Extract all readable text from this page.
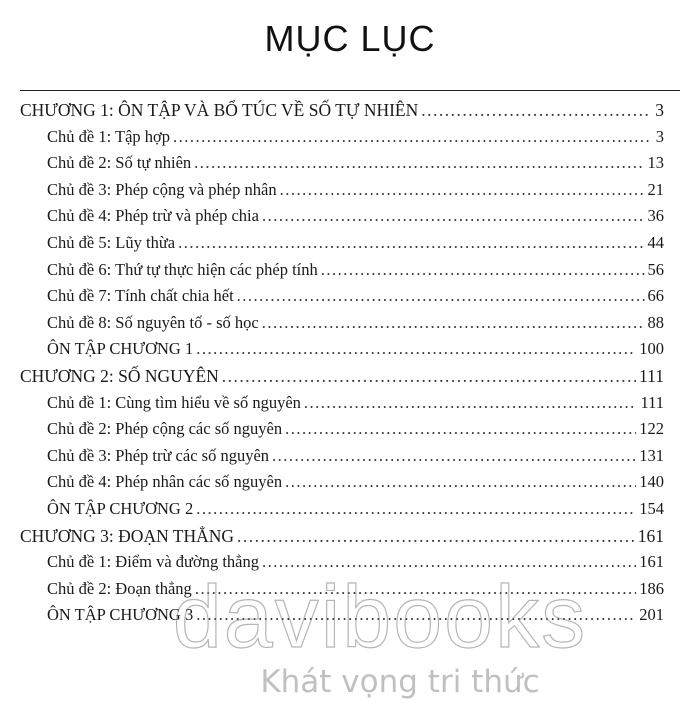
MỤC LỤC
CHƯƠNG 1: ÔN TẬP VÀ BỔ TÚC VỀ SỐ TỰ NHIÊN .....	3
Chủ đề 1: Tập hợp .....	3
Chủ đề 2: Số tự nhiên .....	13
Chủ đề 3: Phép cộng và phép nhân .....	21
Chủ đề 4: Phép trừ và phép chia .....	36
Chủ đề 5: Lũy thừa .....	44
Chủ đề 6: Thứ tự thực hiện các phép tính .....	56
Chủ đề 7: Tính chất chia hết .....	66
Chủ đề 8: Số nguyên tố - số học .....	88
ÔN TẬP CHƯƠNG 1 .....	100
CHƯƠNG 2: SỐ NGUYÊN .....	111
Chủ đề 1: Cùng tìm hiểu về số nguyên .....	111
Chủ đề 2: Phép cộng các số nguyên .....	122
Chủ đề 3: Phép trừ các số nguyên .....	131
Chủ đề 4: Phép nhân các số nguyên .....	140
ÔN TẬP CHƯƠNG 2 .....	154
CHƯƠNG 3: ĐOẠN THẲNG .....	161
Chủ đề 1: Điểm và đường thẳng .....	161
Chủ đề 2: Đoạn thẳng .....	186
ÔN TẬP CHƯƠNG 3 .....	201
davibooks
Khát vọng tri thức
